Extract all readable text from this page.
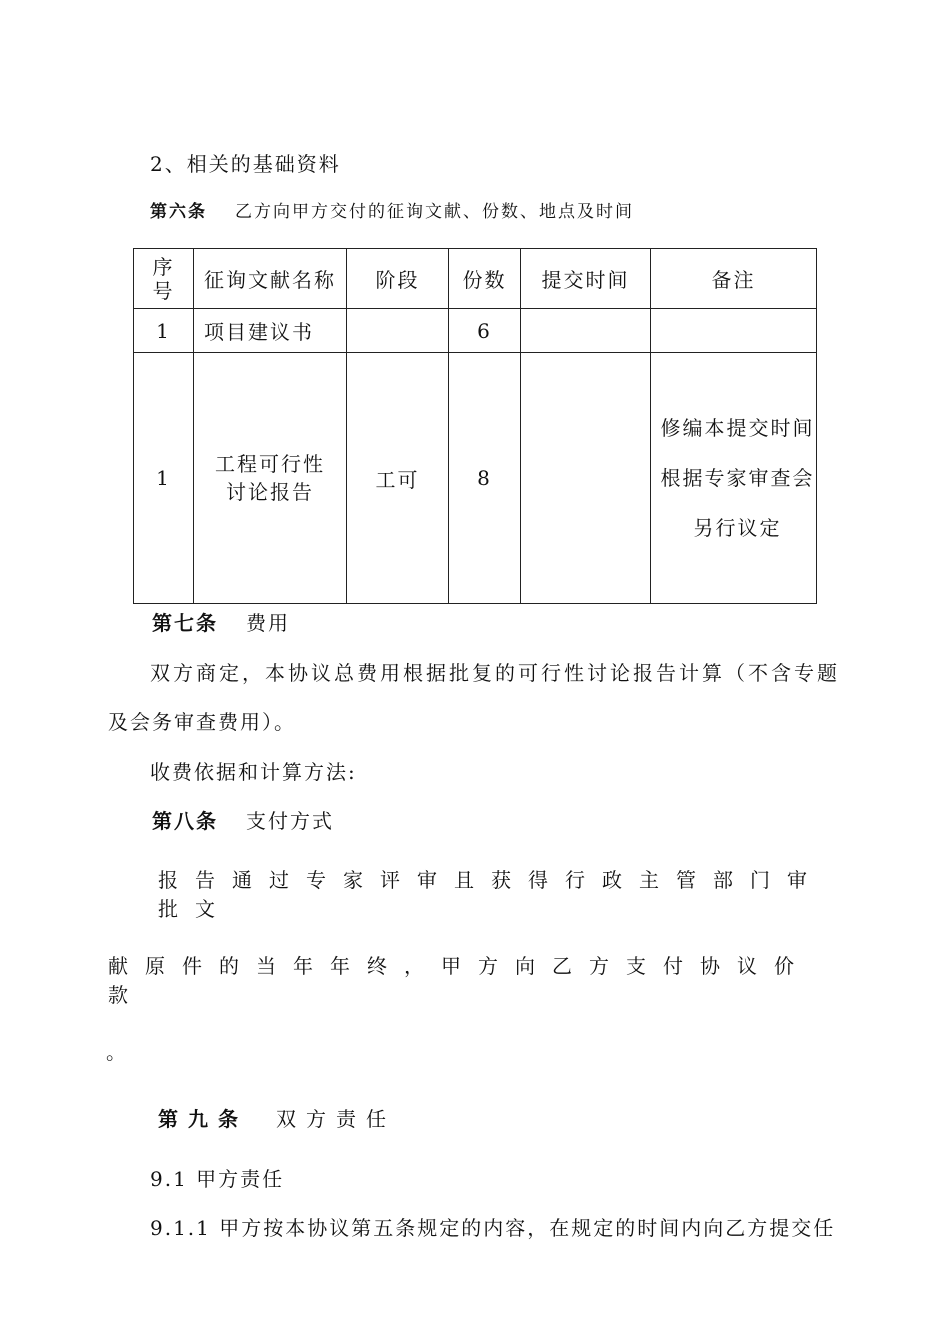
2、相关的基础资料
第六条 乙方向甲方交付的征询文献、份数、地点及时间
序号	征询文献名称	阶段	份数	提交时间	备注
1	项目建议书		6		
1	工程可行性讨论报告	工可	8		修编本提交时间根据专家审查会另行议定
第七条 费用
双方商定，本协议总费用根据批复的可行性讨论报告计算（不含专题
及会务审查费用）。
收费依据和计算方法:
第八条 支付方式
报告通过专家评审且获得行政主管部门审批文
献原件的当年年终，甲方向乙方支付协议价款
。
第九条 双方责任
9.1 甲方责任
9.1.1 甲方按本协议第五条规定的内容，在规定的时间内向乙方提交任
